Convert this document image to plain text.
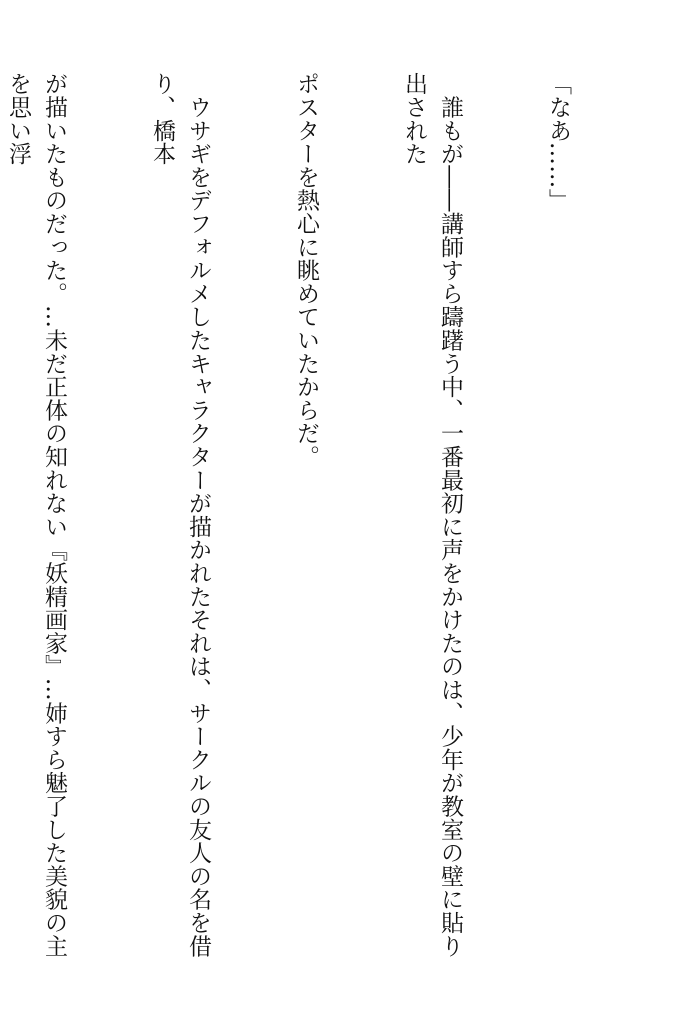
「なあ……」

　誰もが――講師すら躊躇う中、一番最初に声をかけたのは、少年が教室の壁に貼り出された

ポスターを熱心に眺めていたからだ。

　ウサギをデフォルメしたキャラクターが描かれたそれは、サークルの友人の名を借り、橋本

が描いたものだった。…未だ正体の知れない『妖精画家』…姉すら魅了した美貌の主を思い浮
